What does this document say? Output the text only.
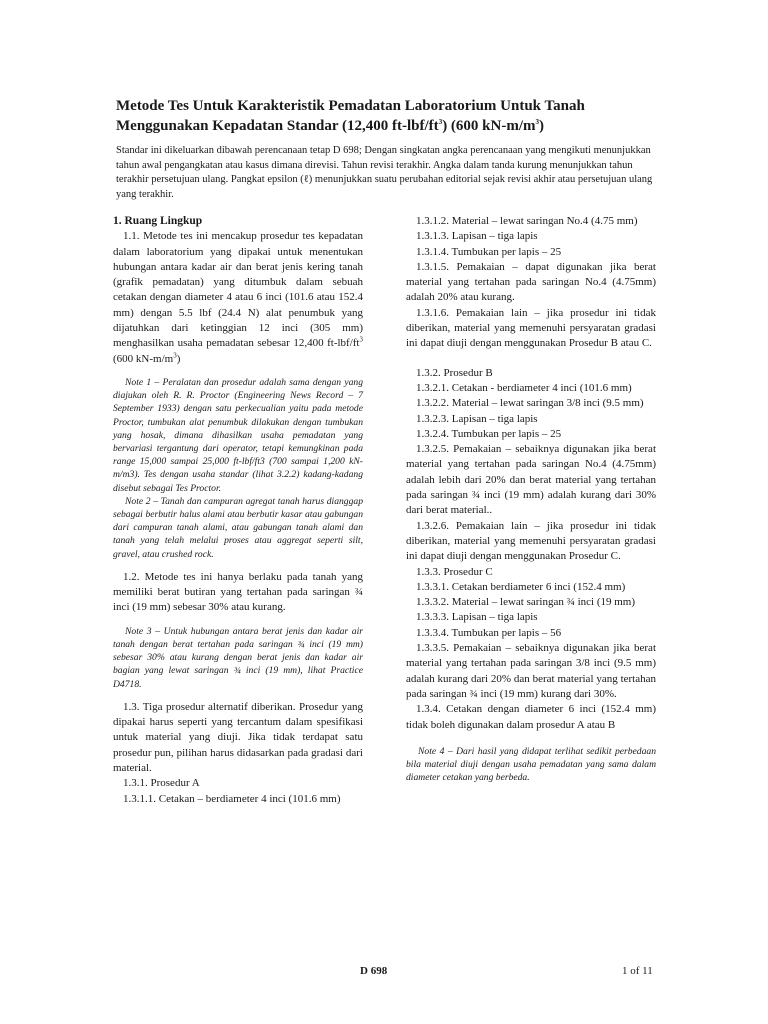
Metode Tes Untuk Karakteristik Pemadatan Laboratorium Untuk Tanah
Menggunakan Kepadatan Standar (12,400 $ft-lbf/ft^3$) (600 $kN-m/m^3$)
Standar ini dikeluarkan dibawah perencanaan tetap D 698; Dengan singkatan angka perencanaan yang mengikuti menunjukkan tahun awal pengangkatan atau kasus dimana direvisi. Tahun revisi terakhir. Angka dalam tanda kurung menunjukkan tahun terakhir persetujuan ulang. Pangkat epsilon (ℓ) menunjukkan suatu perubahan editorial sejak revisi akhir atau persetujuan ulang yang terakhir.

1. Ruang Lingkup

1.1. Metode tes ini mencakup prosedur tes kepadatan dalam laboratorium yang dipakai untuk menentukan hubungan antara kadar air dan berat jenis kering tanah (grafik pemadatan) yang ditumbuk dalam sebuah cetakan dengan diameter 4 atau 6 inci (101.6 atau 152.4 mm) dengan 5.5 lbf (24.4 N) alat penumbuk yang dijatuhkan dari ketinggian 12 inci (305 mm) menghasilkan usaha pemadatan sebesar 12,400 $ft-lbf/ft^3$ (600 $kN-m/m^3$)

Note 1 – Peralatan dan prosedur adalah sama dengan yang diajukan oleh R. R. Proctor (Engineering News Record – 7 September 1933) dengan satu perkecualian yaitu pada metode Proctor, tumbukan alat penumbuk dilakukan dengan tumbukan yang hosak, dimana dihasilkan usaha pemadatan yang bervariasi tergantung dari operator, tetapi kemungkinan pada range 15,000 sampai 25,000 ft-lbf/ft3 (700 sampai 1,200 kN-m/m3). Tes dengan usaha standar (lihat 3.2.2) kadang-kadang disebut sebagai Tes Proctor.

Note 2 – Tanah dan campuran agregat tanah harus dianggap sebagai berbutir halus alami atau berbutir kasar atau gabungan dari campuran tanah alami, atau gabungan tanah alami dan tanah yang telah melalui proses atau aggregat seperti silt, gravel, atau crushed rock.

1.2. Metode tes ini hanya berlaku pada tanah yang memiliki berat butiran yang tertahan pada saringan ¾ inci (19 mm) sebesar 30% atau kurang.

Note 3 – Untuk hubungan antara berat jenis dan kadar air tanah dengan berat tertahan pada saringan ¾ inci (19 mm) sebesar 30% atau kurang dengan berat jenis dan kadar air bagian yang lewat saringan ¾ inci (19 mm), lihat Practice D4718.

1.3. Tiga prosedur alternatif diberikan. Prosedur yang dipakai harus seperti yang tercantum dalam spesifikasi untuk material yang diuji. Jika tidak terdapat satu prosedur pun, pilihan harus didasarkan pada gradasi dari material.

1.3.1. Prosedur A

1.3.1.1. Cetakan – berdiameter 4 inci (101.6 mm)

1.3.1.2. Material – lewat saringan No.4 (4.75 mm)

1.3.1.3. Lapisan – tiga lapis

1.3.1.4. Tumbukan per lapis – 25

1.3.1.5. Pemakaian – dapat digunakan jika berat material yang tertahan pada saringan No.4 (4.75mm) adalah 20% atau kurang.

1.3.1.6. Pemakaian lain – jika prosedur ini tidak diberikan, material yang memenuhi persyaratan gradasi ini dapat diuji dengan menggunakan Prosedur B atau C.

1.3.2. Prosedur B

1.3.2.1. Cetakan - berdiameter 4 inci (101.6 mm)

1.3.2.2. Material – lewat saringan 3/8 inci (9.5 mm)

1.3.2.3. Lapisan – tiga lapis

1.3.2.4. Tumbukan per lapis – 25

1.3.2.5. Pemakaian – sebaiknya digunakan jika berat material yang tertahan pada saringan No.4 (4.75mm) adalah lebih dari 20% dan berat material yang tertahan pada saringan ¾ inci (19 mm) adalah kurang dari 30% dari berat material..

1.3.2.6. Pemakaian lain – jika prosedur ini tidak diberikan, material yang memenuhi persyaratan gradasi ini dapat diuji dengan menggunakan Prosedur C.

1.3.3. Prosedur C

1.3.3.1. Cetakan berdiameter 6 inci (152.4 mm)

1.3.3.2. Material – lewat saringan ¾ inci (19 mm)

1.3.3.3. Lapisan – tiga lapis

1.3.3.4. Tumbukan per lapis – 56

1.3.3.5. Pemakaian – sebaiknya digunakan jika berat material yang tertahan pada saringan 3/8 inci (9.5 mm) adalah kurang dari 20% dan berat material yang tertahan pada saringan ¾ inci (19 mm) kurang dari 30%.

1.3.4. Cetakan dengan diameter 6 inci (152.4 mm) tidak boleh digunakan dalam prosedur A atau B

Note 4 – Dari hasil yang didapat terlihat sedikit perbedaan bila material diuji dengan usaha pemadatan yang sama dalam diameter cetakan yang berbeda.

D 698	1 of 11
